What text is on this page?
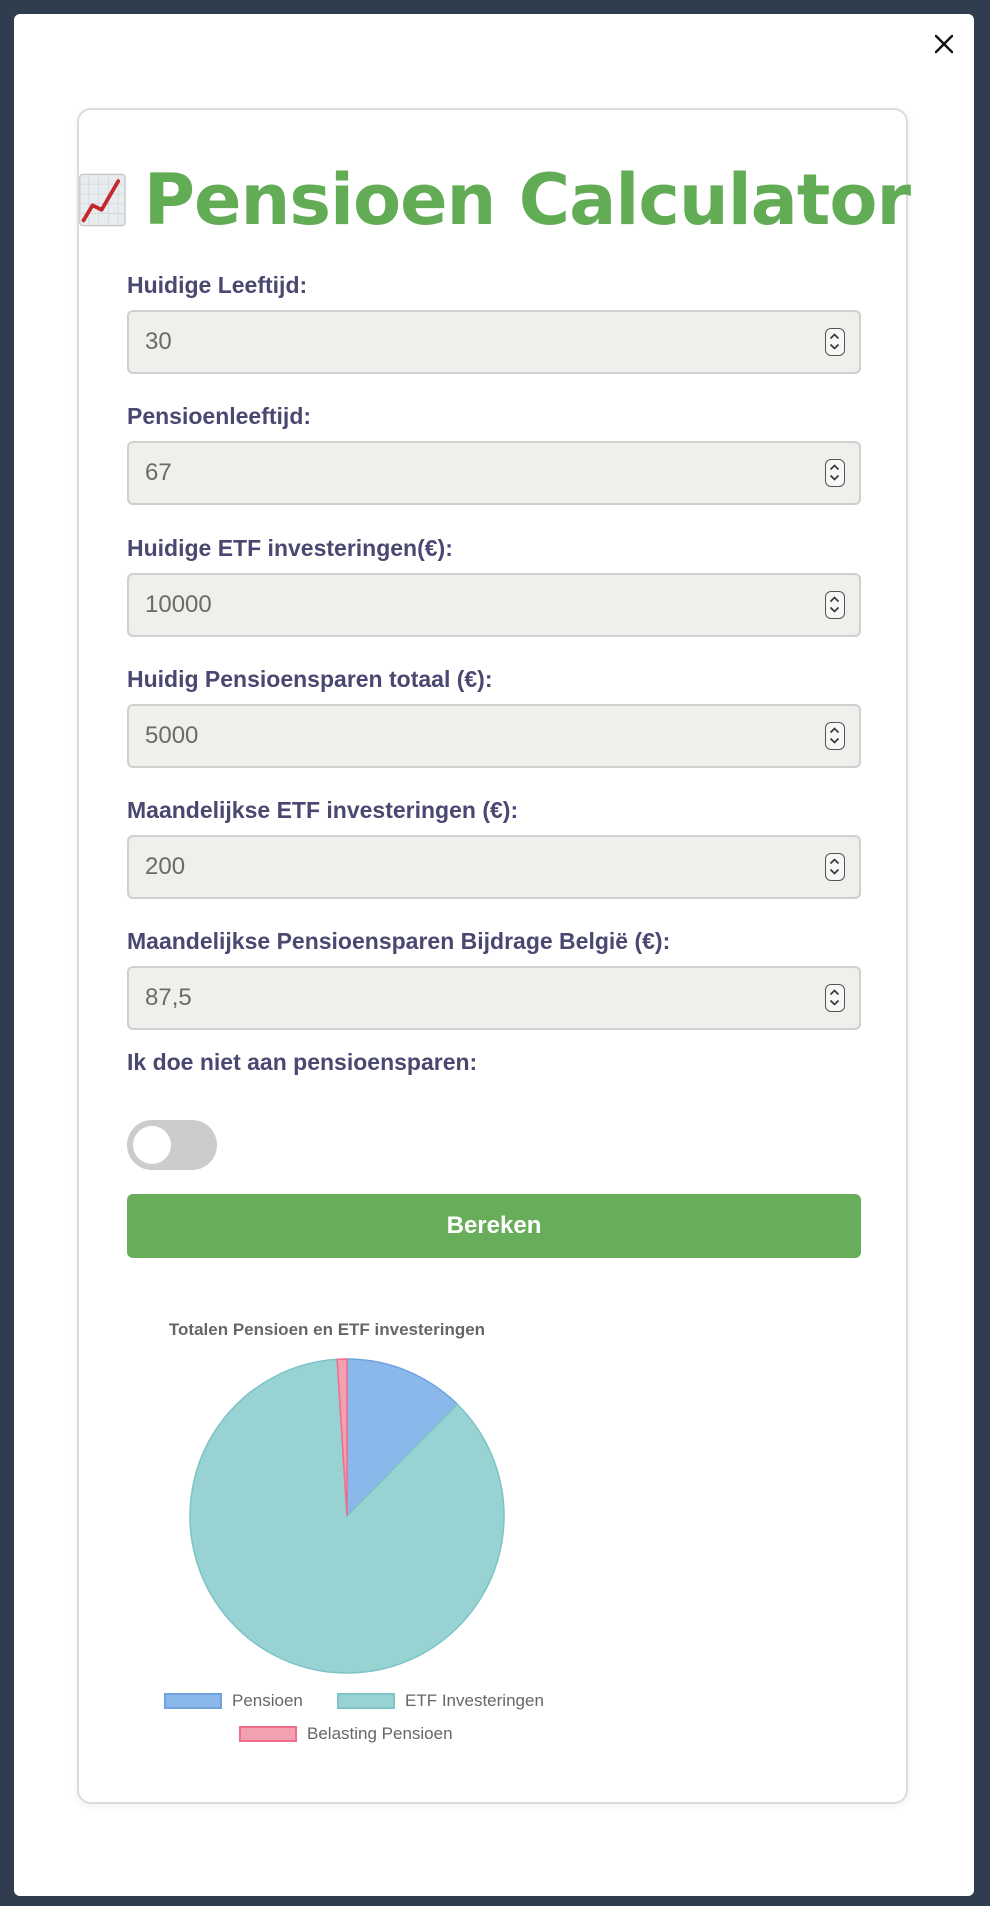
Pensioen Calculator
Huidige Leeftijd:
30
Pensioenleeftijd:
67
Huidige ETF investeringen(€):
10000
Huidig Pensioensparen totaal (€):
5000
Maandelijkse ETF investeringen (€):
200
Maandelijkse Pensioensparen Bijdrage België (€):
87,5
Ik doe niet aan pensioensparen:
Bereken
Totalen Pensioen en ETF investeringen
Pensioen	ETF Investeringen
Belasting Pensioen
